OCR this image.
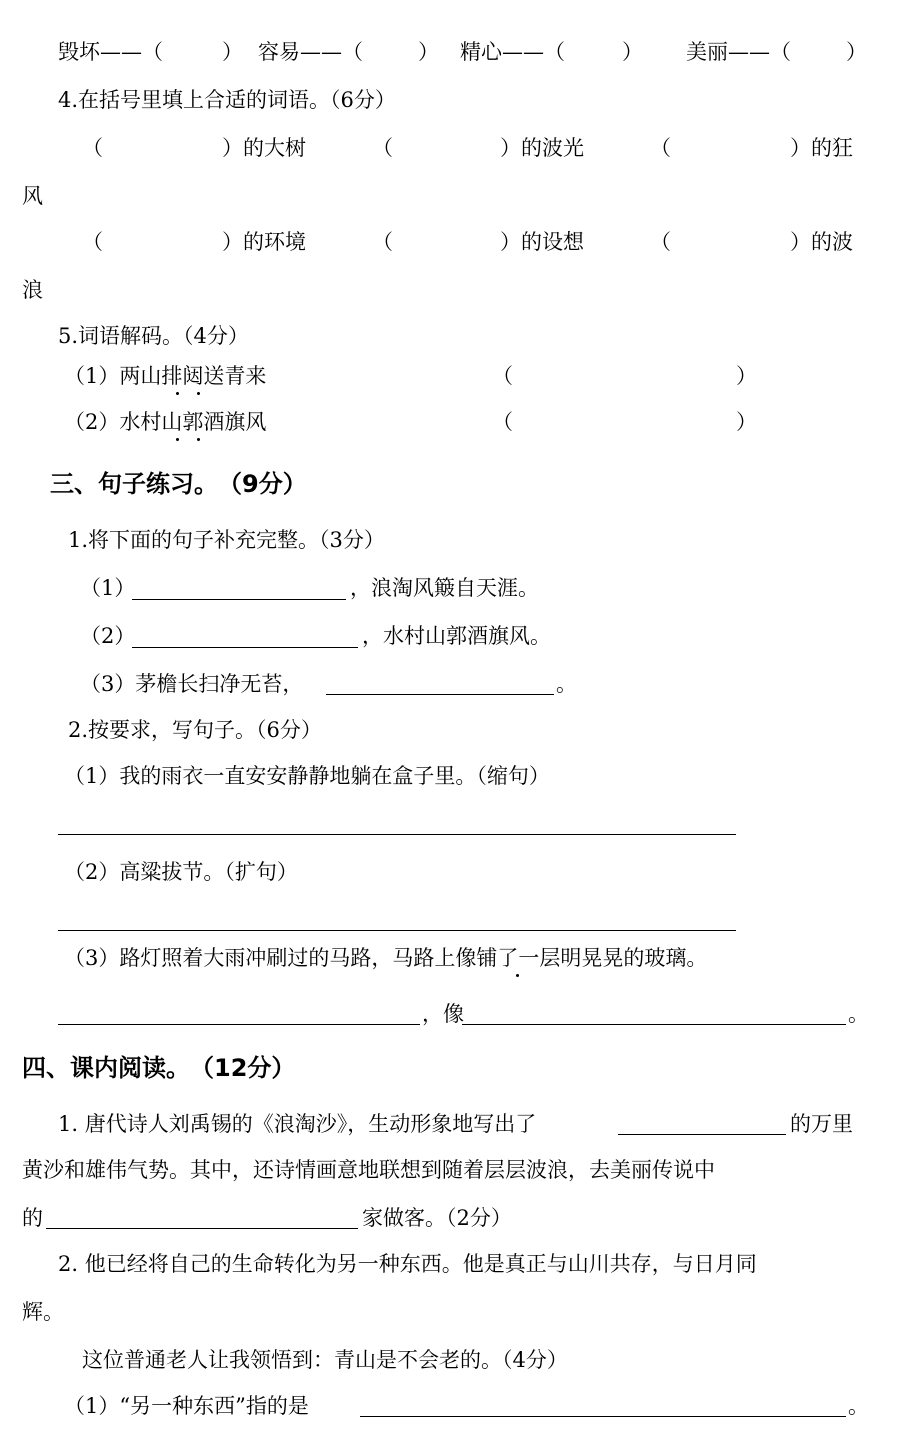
毁坏——（	） 容易——（	） 精心——（	） 美丽——（	）
4.在括号里填上合适的词语。（6分）
（	）的大树	（	）的波光	（	）的狂
风
（	）的环境	（	）的设想	（	）的波
浪
5.词语解码。（4分）
（1）两山排闼送青来	（	）
（2）水村山郭酒旗风	（	）
三、句子练习。　（9分）
1.将下面的句子补充完整。（3分）
（1）	，浪淘风簸自天涯。
（2）	，水村山郭酒旗风。
（3）茅檐长扫净无苔，	。
2.按要求，写句子。（6分）
（1）我的雨衣一直安安静静地躺在盒子里。（缩句）
（2）高粱拔节。（扩句）
（3）路灯照着大雨冲刷过的马路，马路上像铺了一层明晃晃的玻璃。
，像	。
四、课内阅读。　（12分）
1. 唐代诗人刘禹锡的《浪淘沙》，生动形象地写出了	的万里
黄沙和雄伟气势。其中，还诗情画意地联想到随着层层波浪，去美丽传说中
的	家做客。（2分）
2. 他已经将自己的生命转化为另一种东西。他是真正与山川共存，与日月同
辉。
这位普通老人让我领悟到：青山是不会老的。（4分）
（1）“另一种东西”指的是	。
